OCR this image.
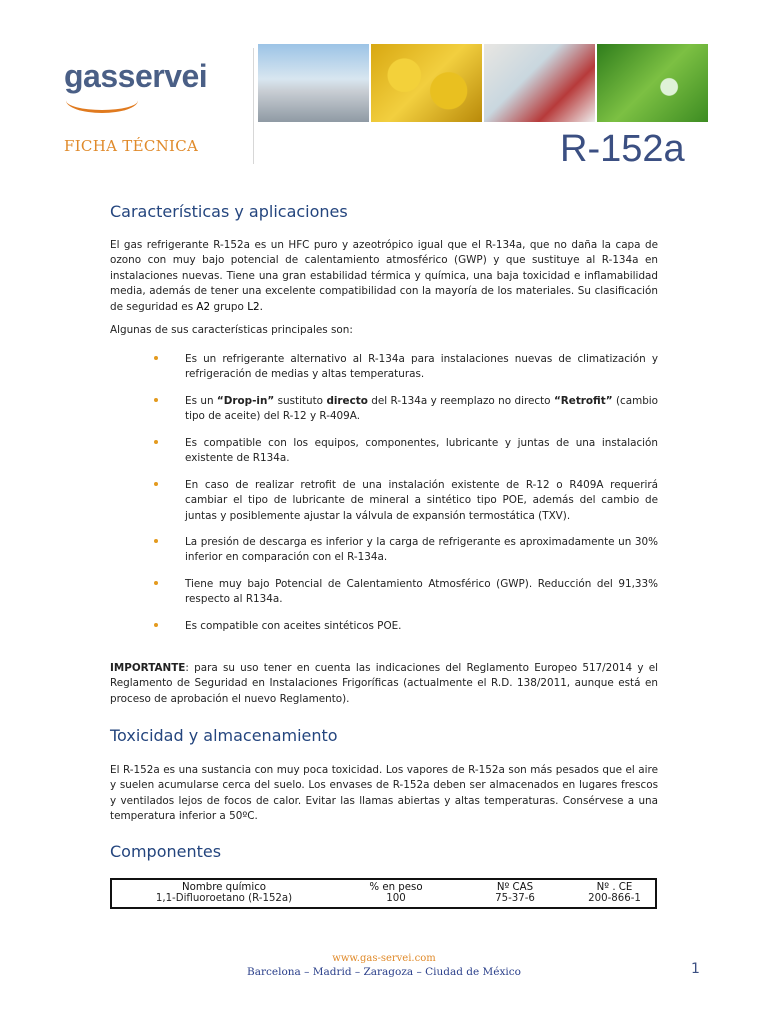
gasservei
FICHA TÉCNICA	R-152a
Características y aplicaciones
El gas refrigerante R-152a es un HFC puro y azeotrópico igual que el R-134a, que no daña la capa de ozono con muy bajo potencial de calentamiento atmosférico (GWP) y que sustituye al R-134a en instalaciones nuevas. Tiene una gran estabilidad térmica y química, una baja toxicidad e inflamabilidad media, además de tener una excelente compatibilidad con la mayoría de los materiales. Su clasificación de seguridad es A2 grupo L2.
Algunas de sus características principales son:
Es un refrigerante alternativo al R-134a para instalaciones nuevas de climatización y refrigeración de medias y altas temperaturas.
Es un “Drop-in” sustituto directo del R-134a y reemplazo no directo “Retrofit” (cambio tipo de aceite) del R-12 y R-409A.
Es compatible con los equipos, componentes, lubricante y juntas de una instalación existente de R134a.
En caso de realizar retrofit de una instalación existente de R-12 o R409A requerirá cambiar el tipo de lubricante de mineral a sintético tipo POE, además del cambio de juntas y posiblemente ajustar la válvula de expansión termostática (TXV).
La presión de descarga es inferior y la carga de refrigerante es aproximadamente un 30% inferior en comparación con el R-134a.
Tiene muy bajo Potencial de Calentamiento Atmosférico (GWP). Reducción del 91,33% respecto al R134a.
Es compatible con aceites sintéticos POE.
IMPORTANTE: para su uso tener en cuenta las indicaciones del Reglamento Europeo 517/2014 y el Reglamento de Seguridad en Instalaciones Frigoríficas (actualmente el R.D. 138/2011, aunque está en proceso de aprobación el nuevo Reglamento).
Toxicidad y almacenamiento
El R-152a es una sustancia con muy poca toxicidad. Los vapores de R-152a son más pesados que el aire y suelen acumularse cerca del suelo. Los envases de R-152a deben ser almacenados en lugares frescos y ventilados lejos de focos de calor. Evitar las llamas abiertas y altas temperaturas. Consérvese a una temperatura inferior a 50ºC.
Componentes
Nombre químico	% en peso	Nº CAS	Nº . CE
1,1-Difluoroetano (R-152a)	100	75-37-6	200-866-1
www.gas-servei.com
Barcelona – Madrid – Zaragoza – Ciudad de México	1
